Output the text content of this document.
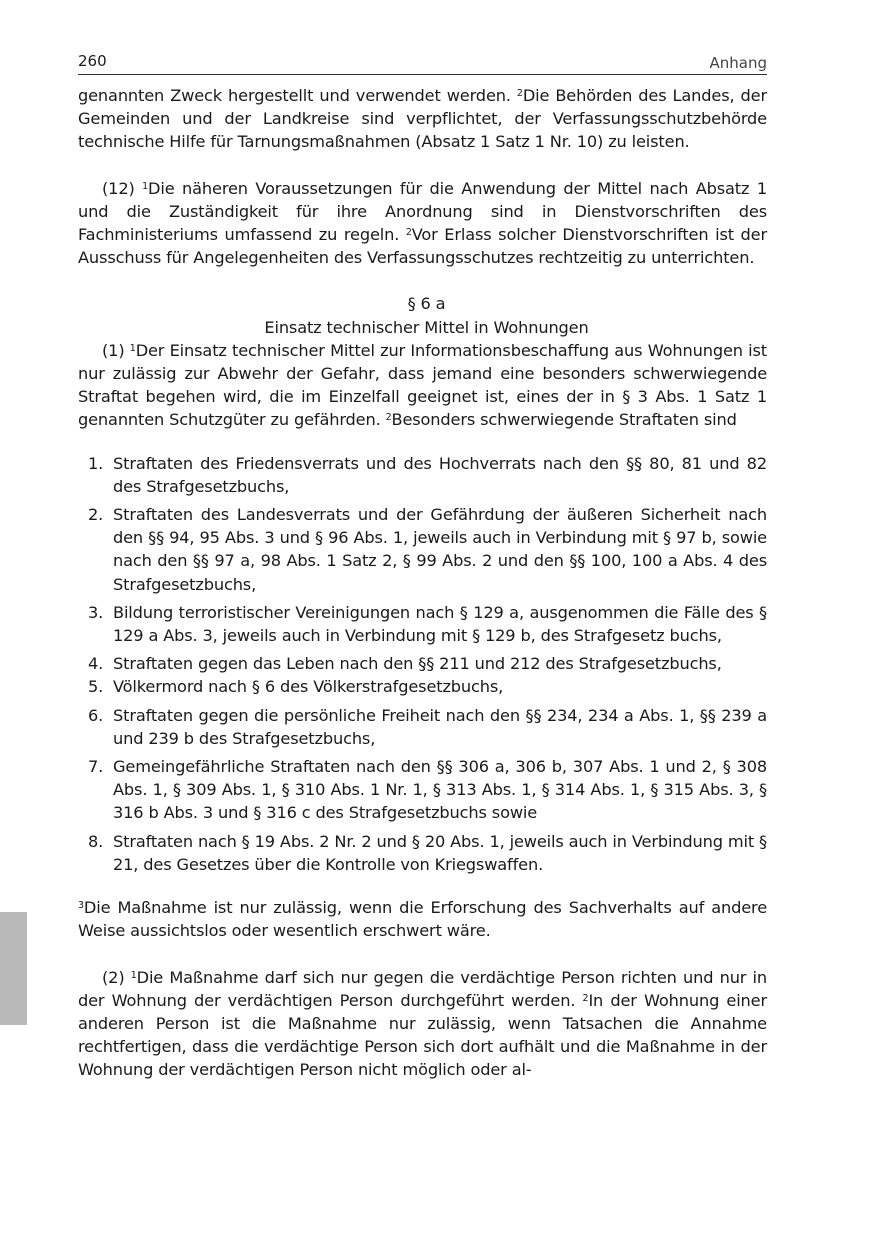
260	Anhang

genannten Zweck hergestellt und verwendet werden. $^2$Die Behörden des Landes, der Gemeinden und der Landkreise sind verpflichtet, der Verfassungsschutzbehörde technische Hilfe für Tarnungsmaßnahmen (Absatz 1 Satz 1 Nr. 10) zu leisten.

(12) $^1$Die näheren Voraussetzungen für die Anwendung der Mittel nach Absatz 1 und die Zuständigkeit für ihre Anordnung sind in Dienstvorschriften des Fachministeriums umfassend zu regeln. $^2$Vor Erlass solcher Dienstvorschriften ist der Ausschuss für Angelegenheiten des Verfassungsschutzes rechtzeitig zu unterrichten.

§ 6 a

Einsatz technischer Mittel in Wohnungen

(1) $^1$Der Einsatz technischer Mittel zur Informationsbeschaffung aus Wohnungen ist nur zulässig zur Abwehr der Gefahr, dass jemand eine besonders schwerwiegende Straftat begehen wird, die im Einzelfall geeignet ist, eines der in § 3 Abs. 1 Satz 1 genannten Schutzgüter zu gefährden. $^2$Besonders schwerwiegende Straftaten sind

1. Straftaten des Friedensverrats und des Hochverrats nach den §§ 80, 81 und 82 des Strafgesetzbuchs,
2. Straftaten des Landesverrats und der Gefährdung der äußeren Sicherheit nach den §§ 94, 95 Abs. 3 und § 96 Abs. 1, jeweils auch in Verbindung mit § 97 b, sowie nach den §§ 97 a, 98 Abs. 1 Satz 2, § 99 Abs. 2 und den §§ 100, 100 a Abs. 4 des Strafgesetzbuchs,
3. Bildung terroristischer Vereinigungen nach § 129 a, ausgenommen die Fälle des § 129 a Abs. 3, jeweils auch in Verbindung mit § 129 b, des Strafgesetz buchs,
4. Straftaten gegen das Leben nach den §§ 211 und 212 des Strafgesetzbuchs,
5. Völkermord nach § 6 des Völkerstrafgesetzbuchs,
6. Straftaten gegen die persönliche Freiheit nach den §§ 234, 234 a Abs. 1, §§ 239 a und 239 b des Strafgesetzbuchs,
7. Gemeingefährliche Straftaten nach den §§ 306 a, 306 b, 307 Abs. 1 und 2, § 308 Abs. 1, § 309 Abs. 1, § 310 Abs. 1 Nr. 1, § 313 Abs. 1, § 314 Abs. 1, § 315 Abs. 3, § 316 b Abs. 3 und § 316 c des Strafgesetzbuchs sowie
8. Straftaten nach § 19 Abs. 2 Nr. 2 und § 20 Abs. 1, jeweils auch in Verbindung mit § 21, des Gesetzes über die Kontrolle von Kriegswaffen.

$^3$Die Maßnahme ist nur zulässig, wenn die Erforschung des Sachverhalts auf andere Weise aussichtslos oder wesentlich erschwert wäre.

(2) $^1$Die Maßnahme darf sich nur gegen die verdächtige Person richten und nur in der Wohnung der verdächtigen Person durchgeführt werden. $^2$In der Wohnung einer anderen Person ist die Maßnahme nur zulässig, wenn Tatsachen die Annahme rechtfertigen, dass die verdächtige Person sich dort aufhält und die Maßnahme in der Wohnung der verdächtigen Person nicht möglich oder al-
